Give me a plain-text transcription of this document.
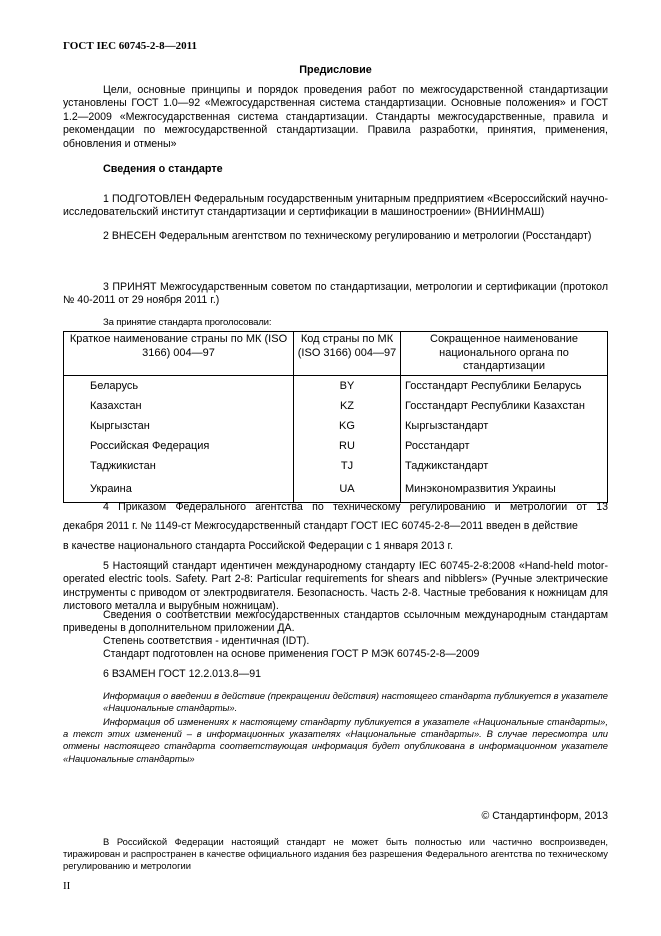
ГОСТ IEC 60745-2-8—2011
Предисловие
Цели, основные принципы и порядок проведения работ по межгосударственной стандартизации установлены ГОСТ 1.0—92 «Межгосударственная система стандартизации. Основные положения» и ГОСТ 1.2—2009 «Межгосударственная система стандартизации. Стандарты межгосударственные, правила и рекомендации по межгосударственной стандартизации. Правила разработки, принятия, применения, обновления и отмены»
Сведения о стандарте
1 ПОДГОТОВЛЕН Федеральным государственным унитарным предприятием «Всероссийский научно-исследовательский институт стандартизации и сертификации в машиностроении» (ВНИИНМАШ)
2 ВНЕСЕН Федеральным агентством по техническому регулированию и метрологии (Росстандарт)
3 ПРИНЯТ Межгосударственным советом по стандартизации, метрологии и сертификации (протокол № 40-2011 от 29 ноября 2011 г.)
За принятие стандарта проголосовали:
Краткое наименование страны по МК (ISO 3166) 004—97	Код страны по МК (ISO 3166) 004—97	Сокращенное наименование национального органа по стандартизации
Беларусь	BY	Госстандарт Республики Беларусь
Казахстан	KZ	Госстандарт Республики Казахстан
Кыргызстан	KG	Кыргызстандарт
Российская Федерация	RU	Росстандарт
Таджикистан	TJ	Таджикстандарт
Украина	UA	Минэкономразвития Украины
4 Приказом Федерального агентства по техническому регулированию и метрологии от 13
декабря 2011 г. № 1149-ст Межгосударственный стандарт ГОСТ IEC 60745-2-8—2011 введен в действие
в качестве национального стандарта Российской Федерации с 1 января 2013 г.
5 Настоящий стандарт идентичен международному стандарту IEC 60745-2-8:2008 «Hand-held motor-operated electric tools. Safety. Part 2-8: Particular requirements for shears and nibblers» (Ручные электрические инструменты с приводом от электродвигателя. Безопасность. Часть 2-8. Частные требования к ножницам для листового металла и вырубным ножницам).
Сведения о соответствии межгосударственных стандартов ссылочным международным стандартам приведены в дополнительном приложении ДА.
Степень соответствия - идентичная (IDT).
Стандарт подготовлен на основе применения ГОСТ Р МЭК 60745-2-8—2009
6 ВЗАМЕН ГОСТ 12.2.013.8—91
Информация о введении в действие (прекращении действия) настоящего стандарта публикуется в указателе «Национальные стандарты».
Информация об изменениях к настоящему стандарту публикуется в указателе «Национальные стандарты», а текст этих изменений – в информационных указателях «Национальные стандарты». В случае пересмотра или отмены настоящего стандарта соответствующая информация будет опубликована в информационном указателе «Национальные стандарты»
© Стандартинформ, 2013
В Российской Федерации настоящий стандарт не может быть полностью или частично воспроизведен, тиражирован и распространен в качестве официального издания без разрешения Федерального агентства по техническому регулированию и метрологии
II
